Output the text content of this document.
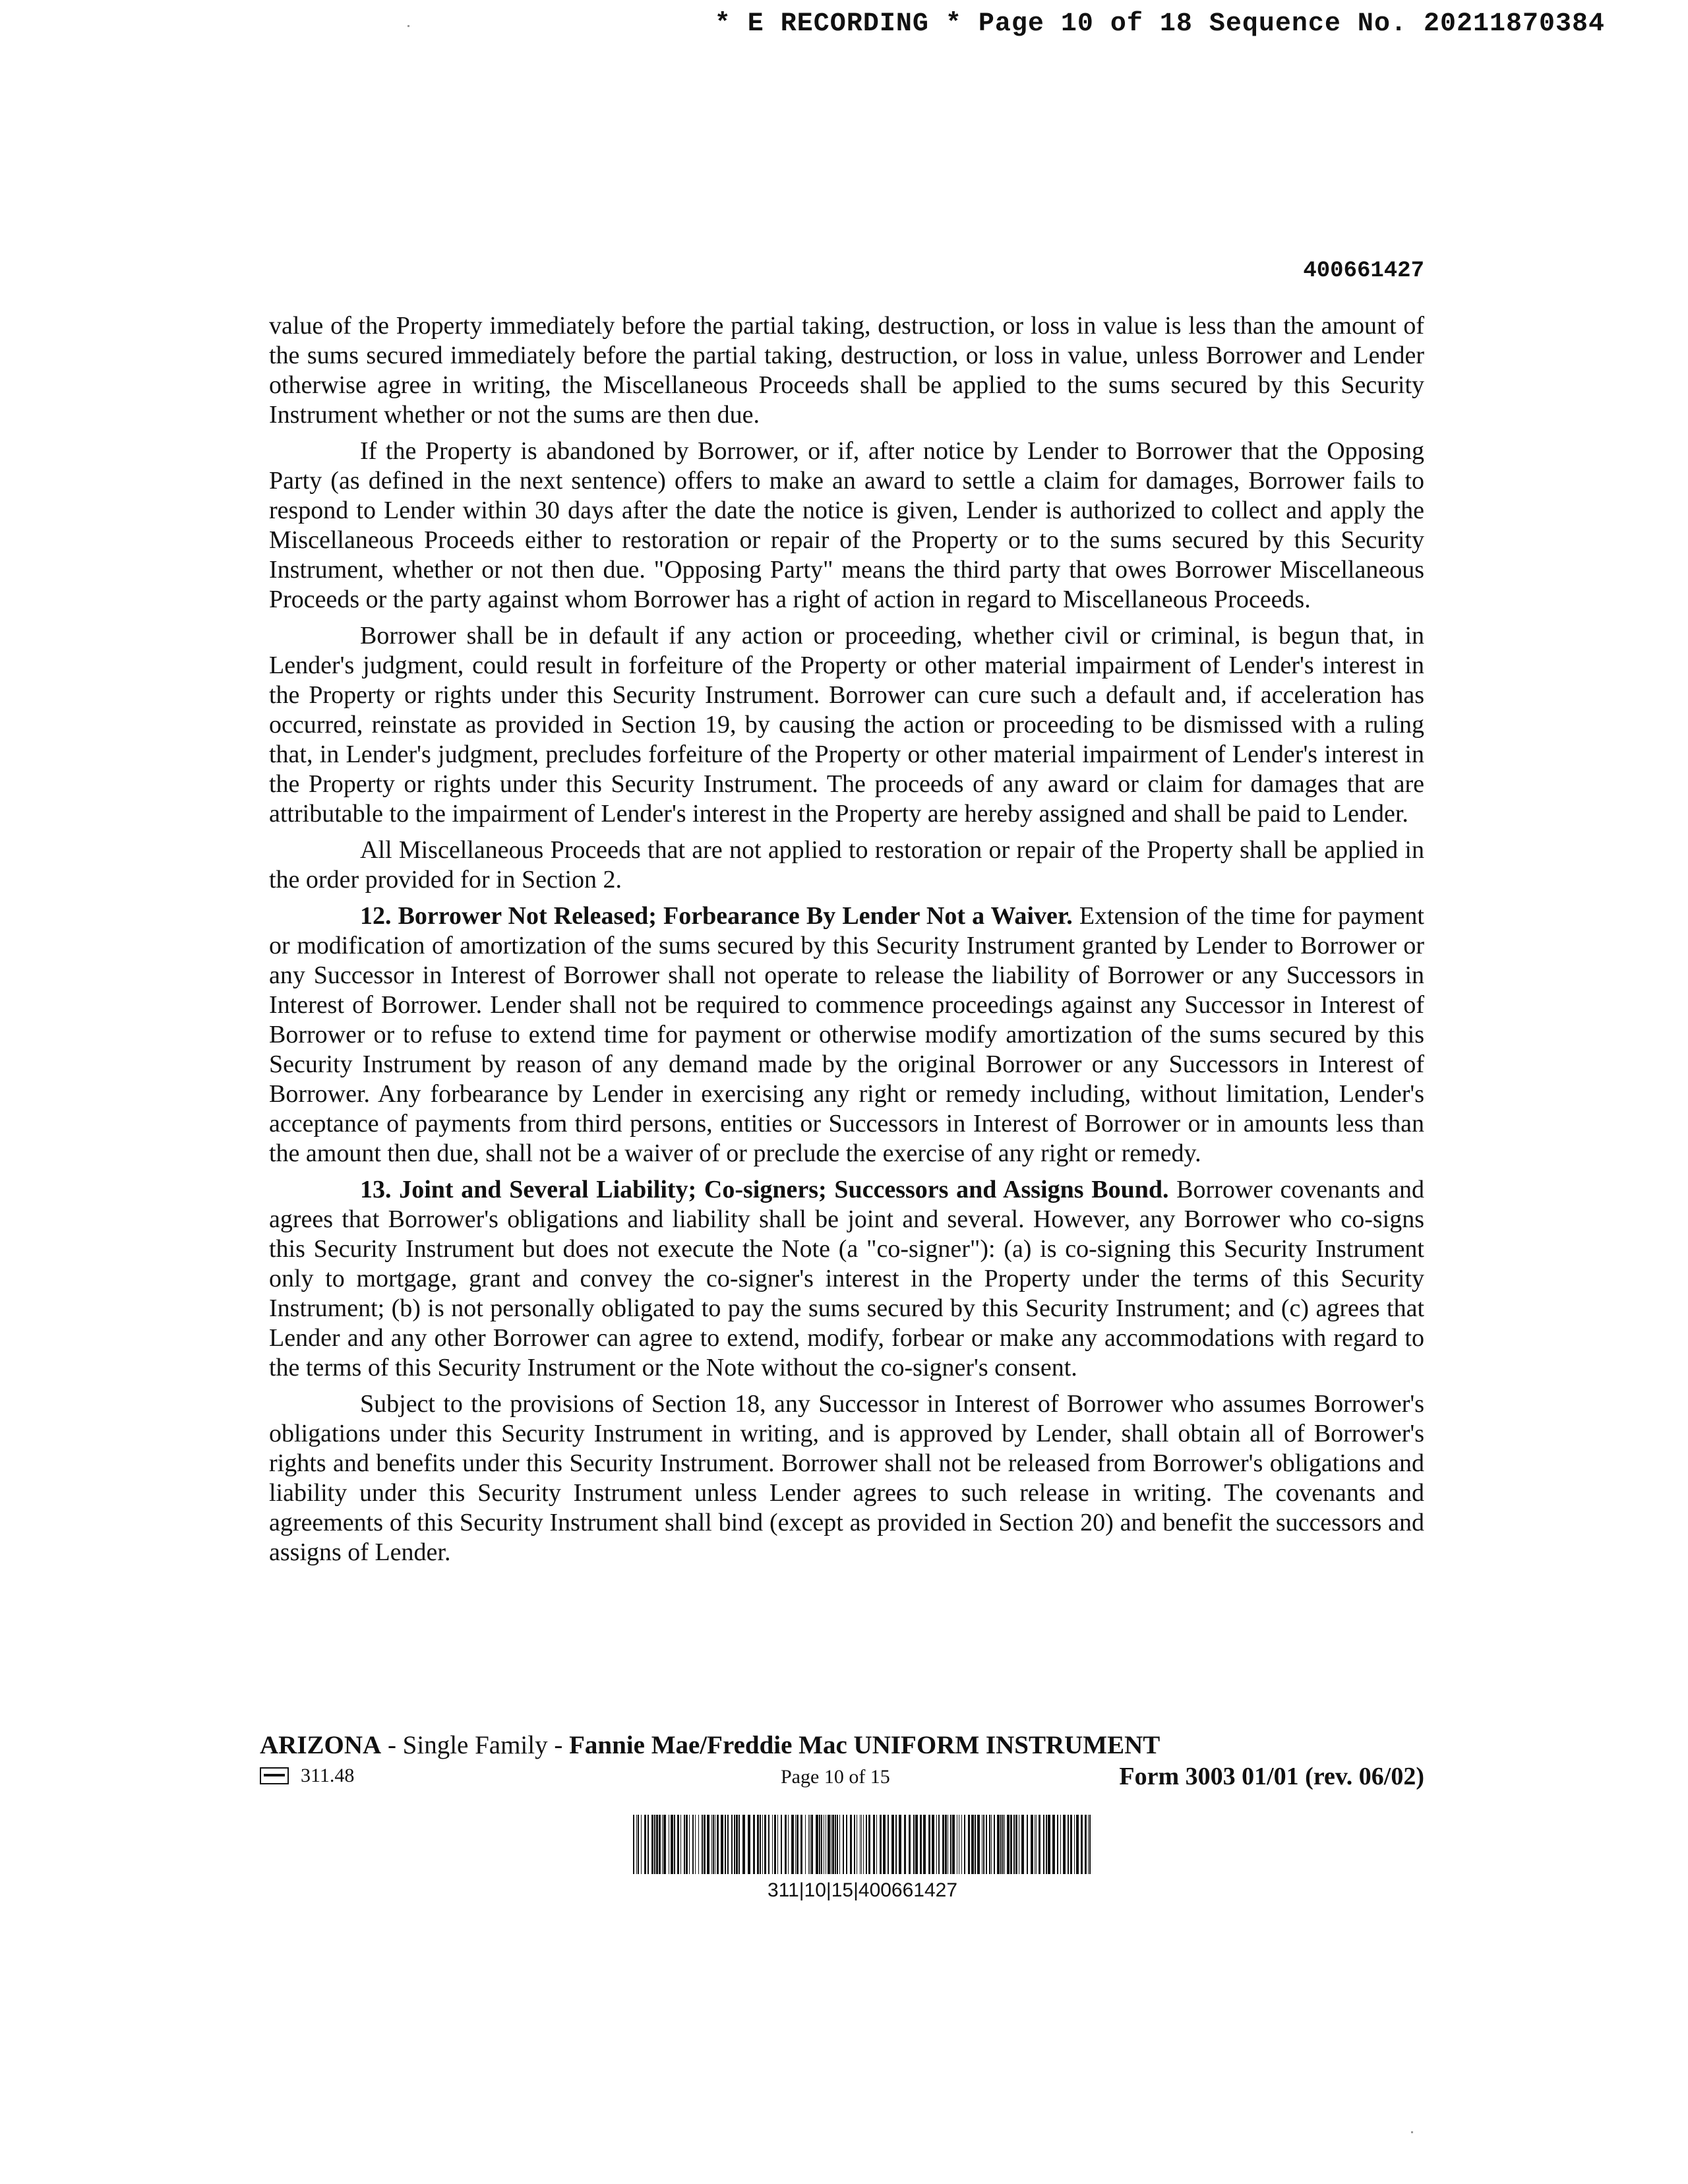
* E RECORDING * Page 10 of 18 Sequence No. 20211870384
400661427

value of the Property immediately before the partial taking, destruction, or loss in value is less than the amount of the sums secured immediately before the partial taking, destruction, or loss in value, unless Borrower and Lender otherwise agree in writing, the Miscellaneous Proceeds shall be applied to the sums secured by this Security Instrument whether or not the sums are then due.

If the Property is abandoned by Borrower, or if, after notice by Lender to Borrower that the Opposing Party (as defined in the next sentence) offers to make an award to settle a claim for damages, Borrower fails to respond to Lender within 30 days after the date the notice is given, Lender is authorized to collect and apply the Miscellaneous Proceeds either to restoration or repair of the Property or to the sums secured by this Security Instrument, whether or not then due. "Opposing Party" means the third party that owes Borrower Miscellaneous Proceeds or the party against whom Borrower has a right of action in regard to Miscellaneous Proceeds.

Borrower shall be in default if any action or proceeding, whether civil or criminal, is begun that, in Lender's judgment, could result in forfeiture of the Property or other material impairment of Lender's interest in the Property or rights under this Security Instrument. Borrower can cure such a default and, if acceleration has occurred, reinstate as provided in Section 19, by causing the action or proceeding to be dismissed with a ruling that, in Lender's judgment, precludes forfeiture of the Property or other material impairment of Lender's interest in the Property or rights under this Security Instrument. The proceeds of any award or claim for damages that are attributable to the impairment of Lender's interest in the Property are hereby assigned and shall be paid to Lender.

All Miscellaneous Proceeds that are not applied to restoration or repair of the Property shall be applied in the order provided for in Section 2.

12. Borrower Not Released; Forbearance By Lender Not a Waiver. Extension of the time for payment or modification of amortization of the sums secured by this Security Instrument granted by Lender to Borrower or any Successor in Interest of Borrower shall not operate to release the liability of Borrower or any Successors in Interest of Borrower. Lender shall not be required to commence proceedings against any Successor in Interest of Borrower or to refuse to extend time for payment or otherwise modify amortization of the sums secured by this Security Instrument by reason of any demand made by the original Borrower or any Successors in Interest of Borrower. Any forbearance by Lender in exercising any right or remedy including, without limitation, Lender's acceptance of payments from third persons, entities or Successors in Interest of Borrower or in amounts less than the amount then due, shall not be a waiver of or preclude the exercise of any right or remedy.

13. Joint and Several Liability; Co-signers; Successors and Assigns Bound. Borrower covenants and agrees that Borrower's obligations and liability shall be joint and several. However, any Borrower who co-signs this Security Instrument but does not execute the Note (a "co-signer"): (a) is co-signing this Security Instrument only to mortgage, grant and convey the co-signer's interest in the Property under the terms of this Security Instrument; (b) is not personally obligated to pay the sums secured by this Security Instrument; and (c) agrees that Lender and any other Borrower can agree to extend, modify, forbear or make any accommodations with regard to the terms of this Security Instrument or the Note without the co-signer's consent.

Subject to the provisions of Section 18, any Successor in Interest of Borrower who assumes Borrower's obligations under this Security Instrument in writing, and is approved by Lender, shall obtain all of Borrower's rights and benefits under this Security Instrument. Borrower shall not be released from Borrower's obligations and liability under this Security Instrument unless Lender agrees to such release in writing. The covenants and agreements of this Security Instrument shall bind (except as provided in Section 20) and benefit the successors and assigns of Lender.

ARIZONA - Single Family - Fannie Mae/Freddie Mac UNIFORM INSTRUMENT
311.48	Page 10 of 15	Form 3003 01/01 (rev. 06/02)
311|10|15|400661427
